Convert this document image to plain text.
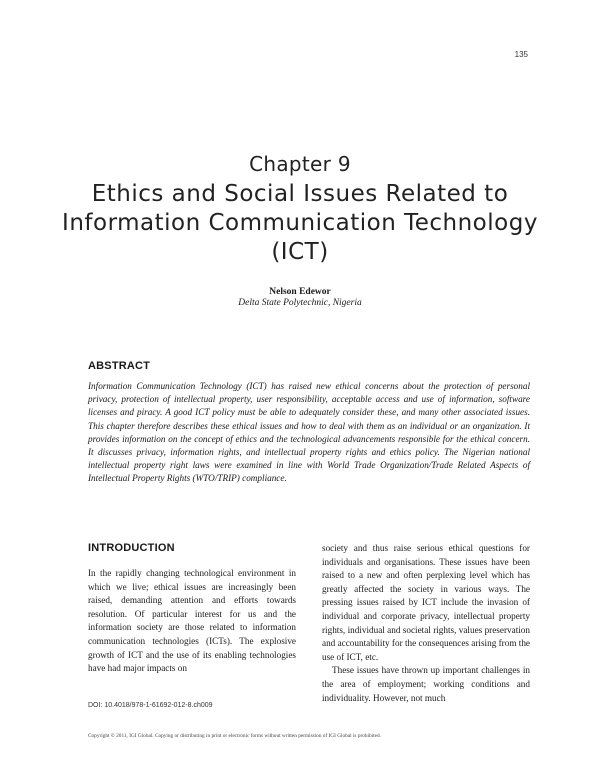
135
Chapter 9
Ethics and Social Issues Related to Information Communication Technology (ICT)
Nelson Edewor
Delta State Polytechnic, Nigeria
ABSTRACT

Information Communication Technology (ICT) has raised new ethical concerns about the protection of personal privacy, protection of intellectual property, user responsibility, acceptable access and use of information, software licenses and piracy. A good ICT policy must be able to adequately consider these, and many other associated issues. This chapter therefore describes these ethical issues and how to deal with them as an individual or an organization. It provides information on the concept of ethics and the technological advancements responsible for the ethical concern. It discusses privacy, information rights, and intellectual property rights and ethics policy. The Nigerian national intellectual property right laws were examined in line with World Trade Organization/Trade Related Aspects of Intellectual Property Rights (WTO/TRIP) compliance.

INTRODUCTION

In the rapidly changing technological environment in which we live; ethical issues are increasingly been raised, demanding attention and efforts towards resolution. Of particular interest for us and the information society are those related to information communication technologies (ICTs). The explosive growth of ICT and the use of its enabling technologies have had major impacts on

society and thus raise serious ethical questions for individuals and organisations. These issues have been raised to a new and often perplexing level which has greatly affected the society in various ways. The pressing issues raised by ICT include the invasion of individual and corporate privacy, intellectual property rights, individual and societal rights, values preservation and accountability for the consequences arising from the use of ICT, etc.

These issues have thrown up important challenges in the area of employment; working conditions and individuality. However, not much

DOI: 10.4018/978-1-61692-012-8.ch009
Copyright © 2011, IGI Global. Copying or distributing in print or electronic forms without written permission of IGI Global is prohibited.
